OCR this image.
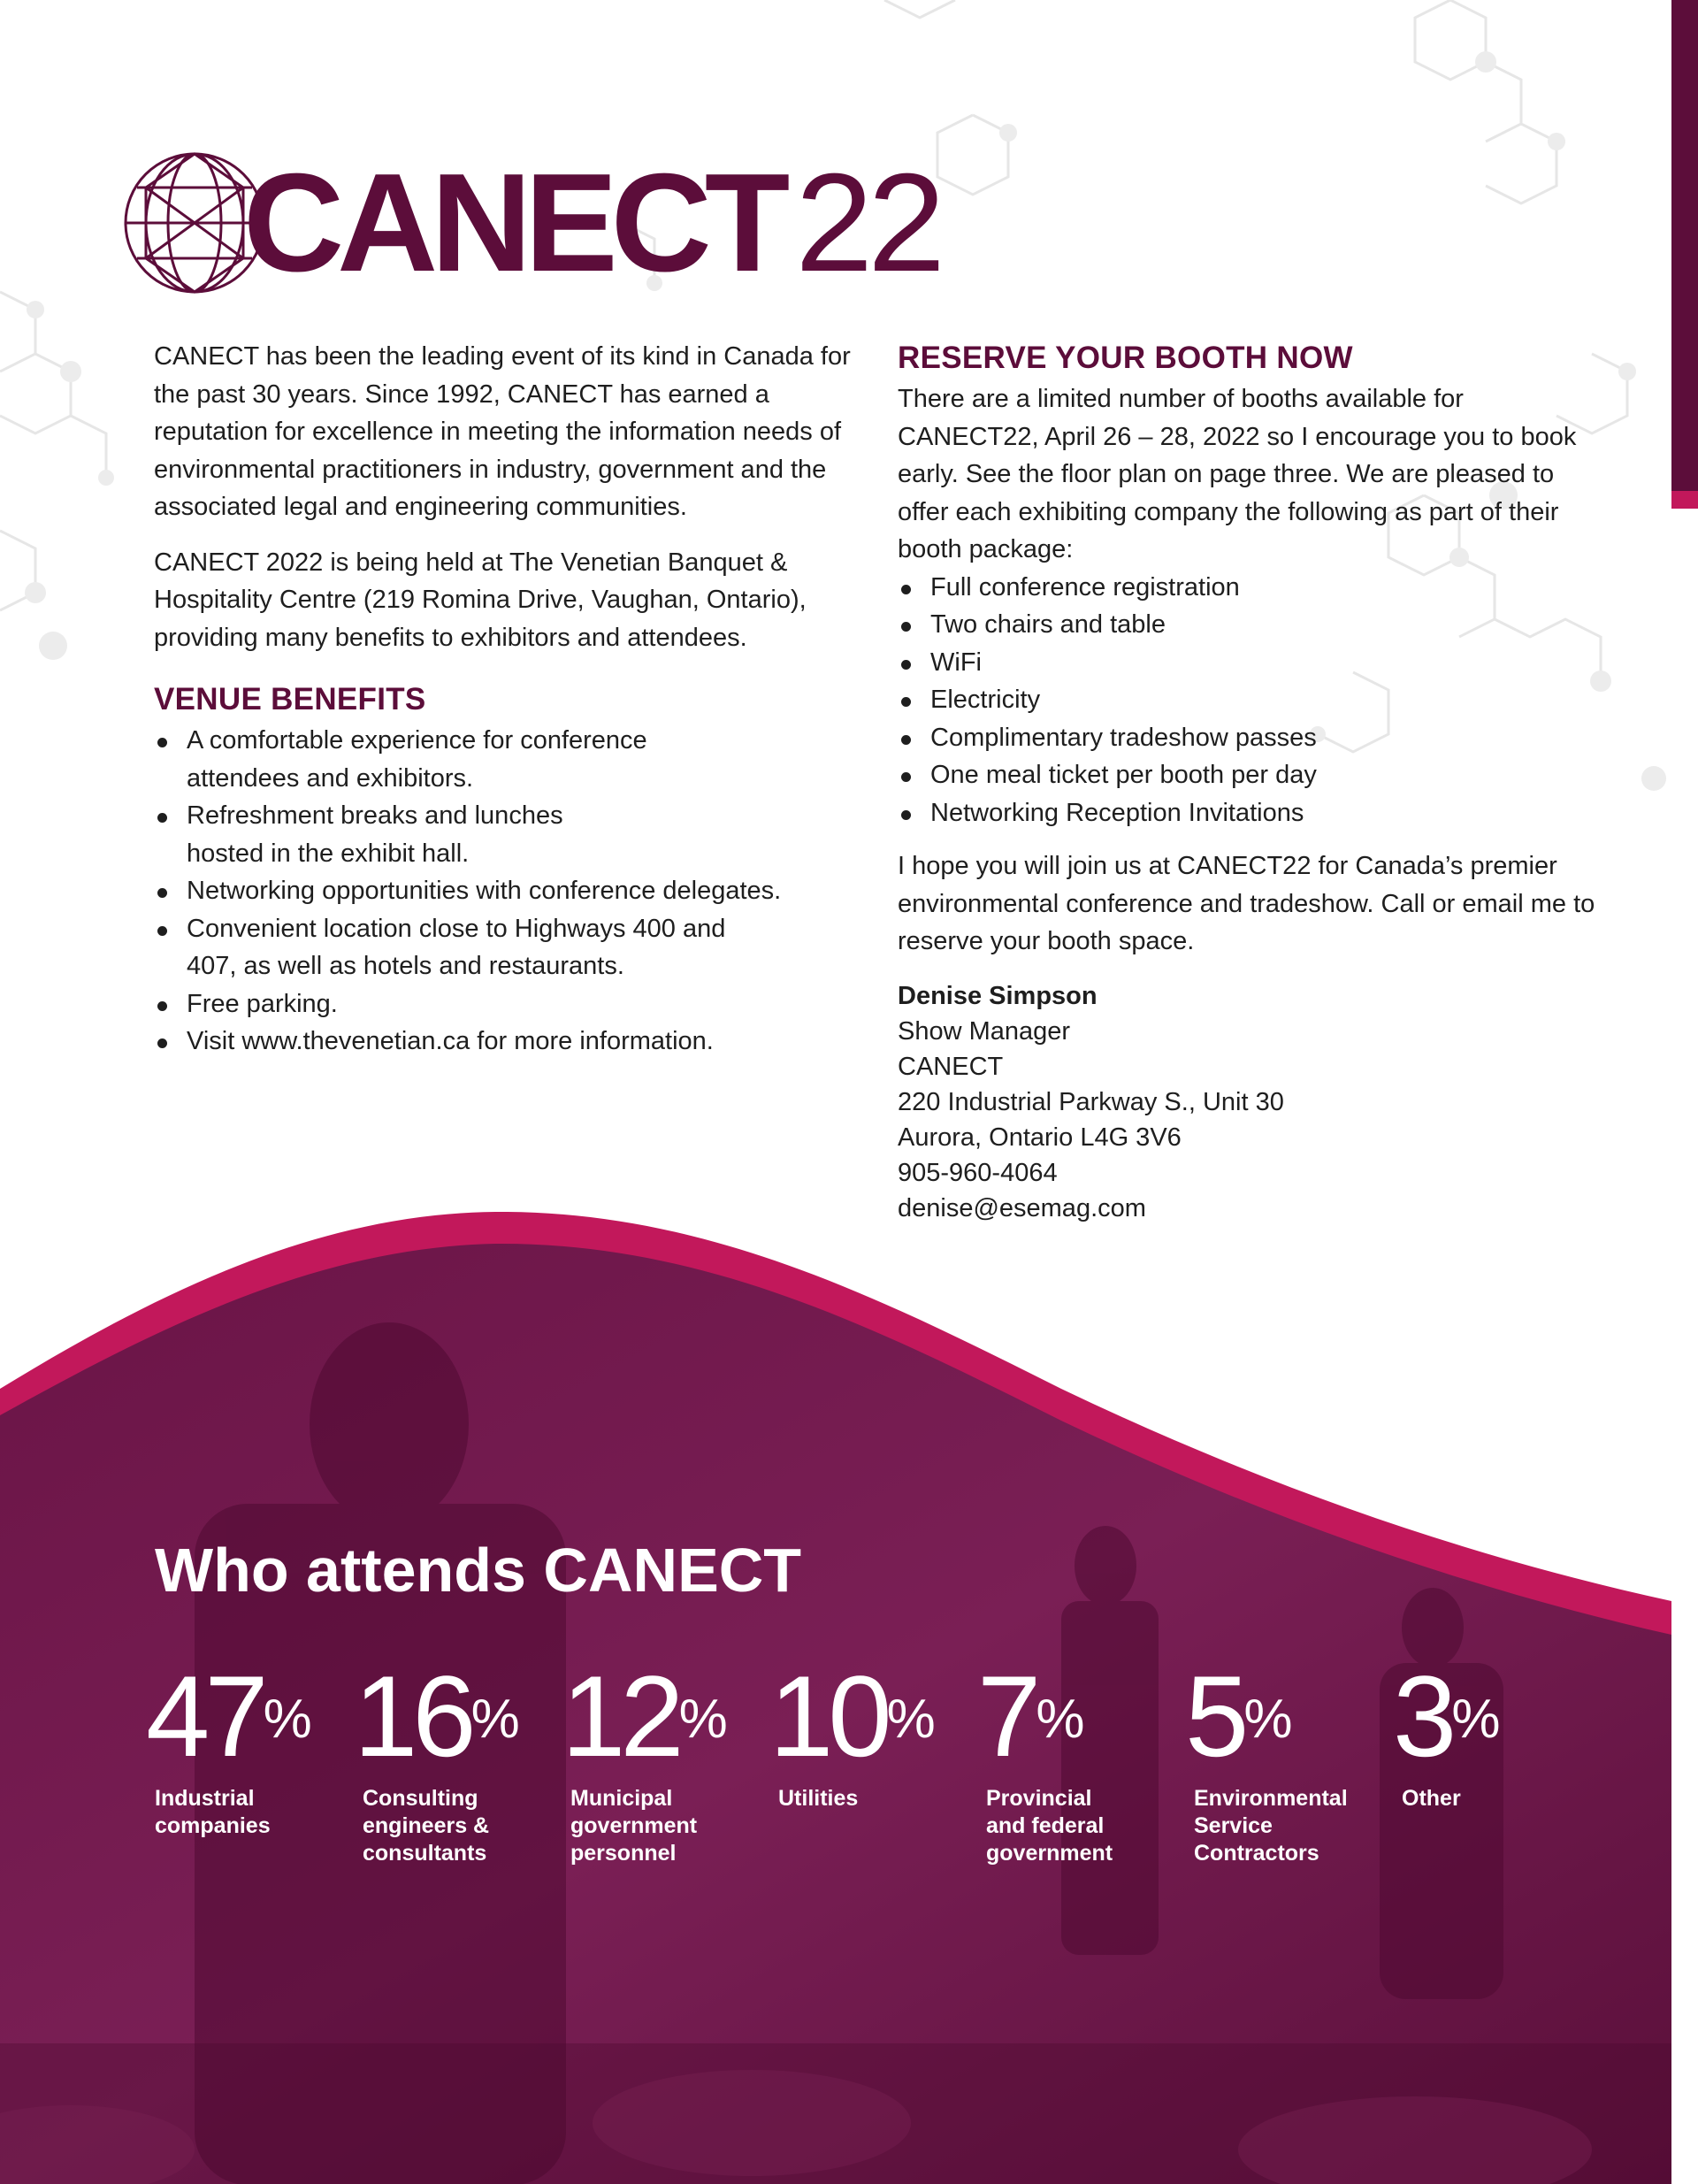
CANECT22

CANECT has been the leading event of its kind in Canada for the past 30 years. Since 1992, CANECT has earned a reputation for excellence in meeting the information needs of environmental practitioners in industry, government and the associated legal and engineering communities.

CANECT 2022 is being held at The Venetian Banquet & Hospitality Centre (219 Romina Drive, Vaughan, Ontario), providing many benefits to exhibitors and attendees.

VENUE BENEFITS
A comfortable experience for conference attendees and exhibitors.
Refreshment breaks and lunches hosted in the exhibit hall.
Networking opportunities with conference delegates.
Convenient location close to Highways 400 and 407, as well as hotels and restaurants.
Free parking.
Visit www.thevenetian.ca for more information.
RESERVE YOUR BOOTH NOW

There are a limited number of booths available for CANECT22, April 26 – 28, 2022 so I encourage you to book early. See the floor plan on page three. We are pleased to offer each exhibiting company the following as part of their booth package:

Full conference registration
Two chairs and table
WiFi
Electricity
Complimentary tradeshow passes
One meal ticket per booth per day
Networking Reception Invitations

I hope you will join us at CANECT22 for Canada’s premier environmental conference and tradeshow. Call or email me to reserve your booth space.

Denise Simpson
Show Manager
CANECT
220 Industrial Parkway S., Unit 30
Aurora, Ontario L4G 3V6
905-960-4064
denise@esemag.com
Who attends CANECT
47%
Industrial
companies
16%
Consulting
engineers &
consultants
12%
Municipal
government
personnel
10%
Utilities
7%
Provincial
and federal
government
5%
Environmental
Service
Contractors
3%
Other
